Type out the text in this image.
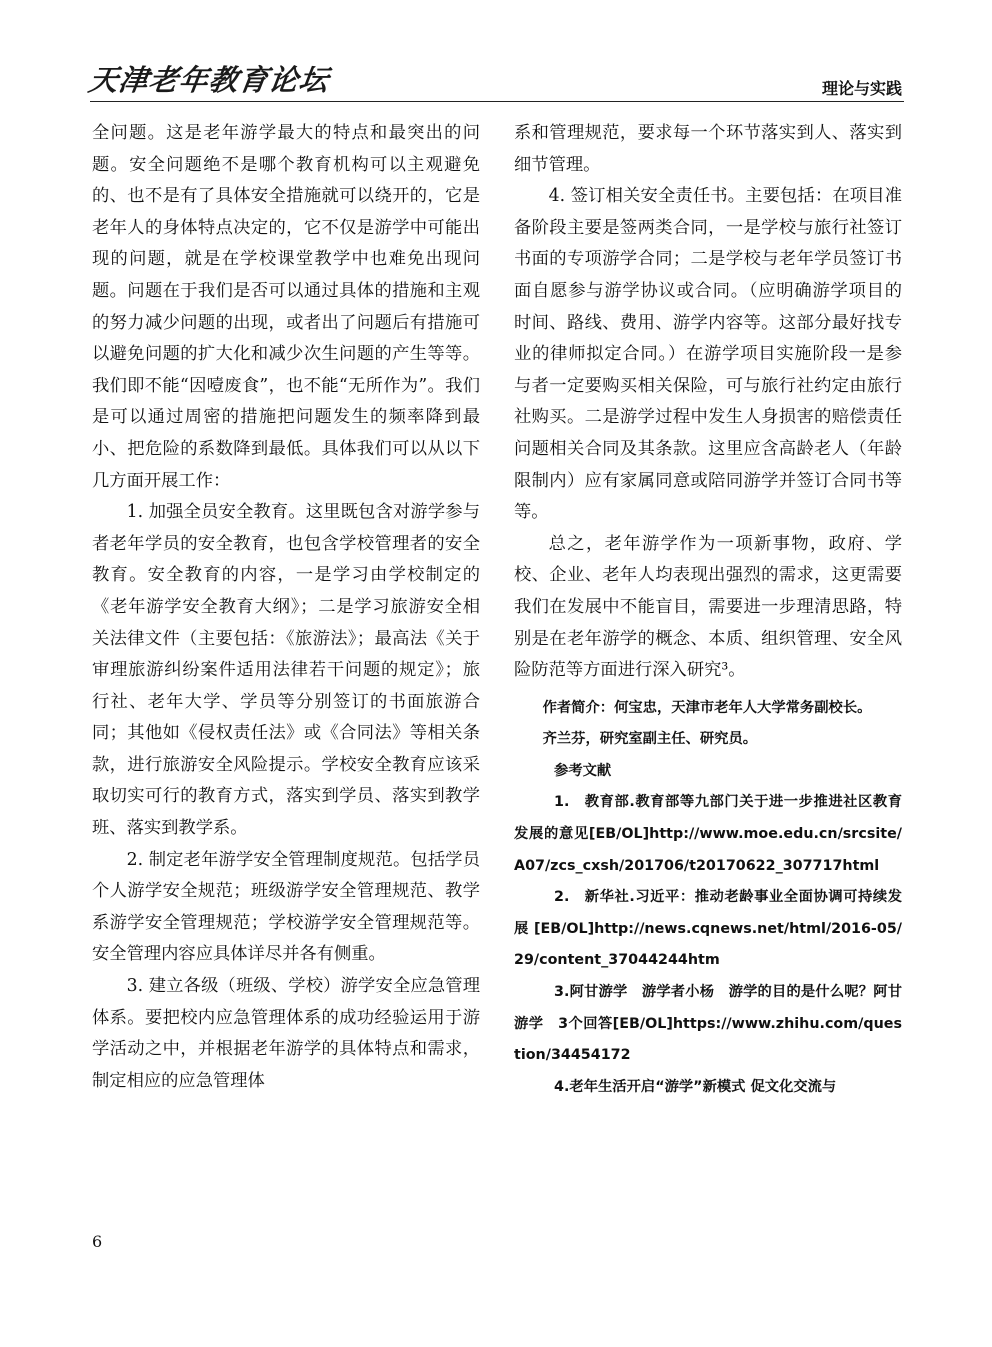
天津老年教育论坛	理论与实践

全问题。这是老年游学最大的特点和最突出的问题。安全问题绝不是哪个教育机构可以主观避免的、也不是有了具体安全措施就可以绕开的，它是老年人的身体特点决定的，它不仅是游学中可能出现的问题，就是在学校课堂教学中也难免出现问题。问题在于我们是否可以通过具体的措施和主观的努力减少问题的出现，或者出了问题后有措施可以避免问题的扩大化和减少次生问题的产生等等。我们即不能“因噎废食”，也不能“无所作为”。我们是可以通过周密的措施把问题发生的频率降到最小、把危险的系数降到最低。具体我们可以从以下几方面开展工作：

1. 加强全员安全教育。这里既包含对游学参与者老年学员的安全教育，也包含学校管理者的安全教育。安全教育的内容，一是学习由学校制定的《老年游学安全教育大纲》；二是学习旅游安全相关法律文件（主要包括：《旅游法》；最高法《关于审理旅游纠纷案件适用法律若干问题的规定》；旅行社、老年大学、学员等分别签订的书面旅游合同；其他如《侵权责任法》或《合同法》等相关条款，进行旅游安全风险提示。学校安全教育应该采取切实可行的教育方式，落实到学员、落实到教学班、落实到教学系。

2. 制定老年游学安全管理制度规范。包括学员个人游学安全规范；班级游学安全管理规范、教学系游学安全管理规范；学校游学安全管理规范等。安全管理内容应具体详尽并各有侧重。

3. 建立各级（班级、学校）游学安全应急管理体系。要把校内应急管理体系的成功经验运用于游学活动之中，并根据老年游学的具体特点和需求，制定相应的应急管理体

系和管理规范，要求每一个环节落实到人、落实到细节管理。

4. 签订相关安全责任书。主要包括：在项目准备阶段主要是签两类合同，一是学校与旅行社签订书面的专项游学合同；二是学校与老年学员签订书面自愿参与游学协议或合同。（应明确游学项目的时间、路线、费用、游学内容等。这部分最好找专业的律师拟定合同。）在游学项目实施阶段一是参与者一定要购买相关保险，可与旅行社约定由旅行社购买。二是游学过程中发生人身损害的赔偿责任问题相关合同及其条款。这里应含高龄老人（年龄限制内）应有家属同意或陪同游学并签订合同书等等。

总之，老年游学作为一项新事物，政府、学校、企业、老年人均表现出强烈的需求，这更需要我们在发展中不能盲目，需要进一步理清思路，特别是在老年游学的概念、本质、组织管理、安全风险防范等方面进行深入研究³。

作者简介：何宝忠，天津市老年人大学常务副校长。

齐兰芬，研究室副主任、研究员。

参考文献

1.　教育部.教育部等九部门关于进一步推进社区教育发展的意见[EB/OL]http://www.moe.edu.cn/srcsite/A07/zcs_cxsh/201706/t20170622_307717html

2.　新华社.习近平：推动老龄事业全面协调可持续发展[EB/OL]http://news.cqnews.net/html/2016-05/29/content_37044244htm

3.阿甘游学　游学者小杨　游学的目的是什么呢？阿甘游学　3个回答[EB/OL]https://www.zhihu.com/question/34454172

4.老年生活开启“游学”新模式 促文化交流与

6
